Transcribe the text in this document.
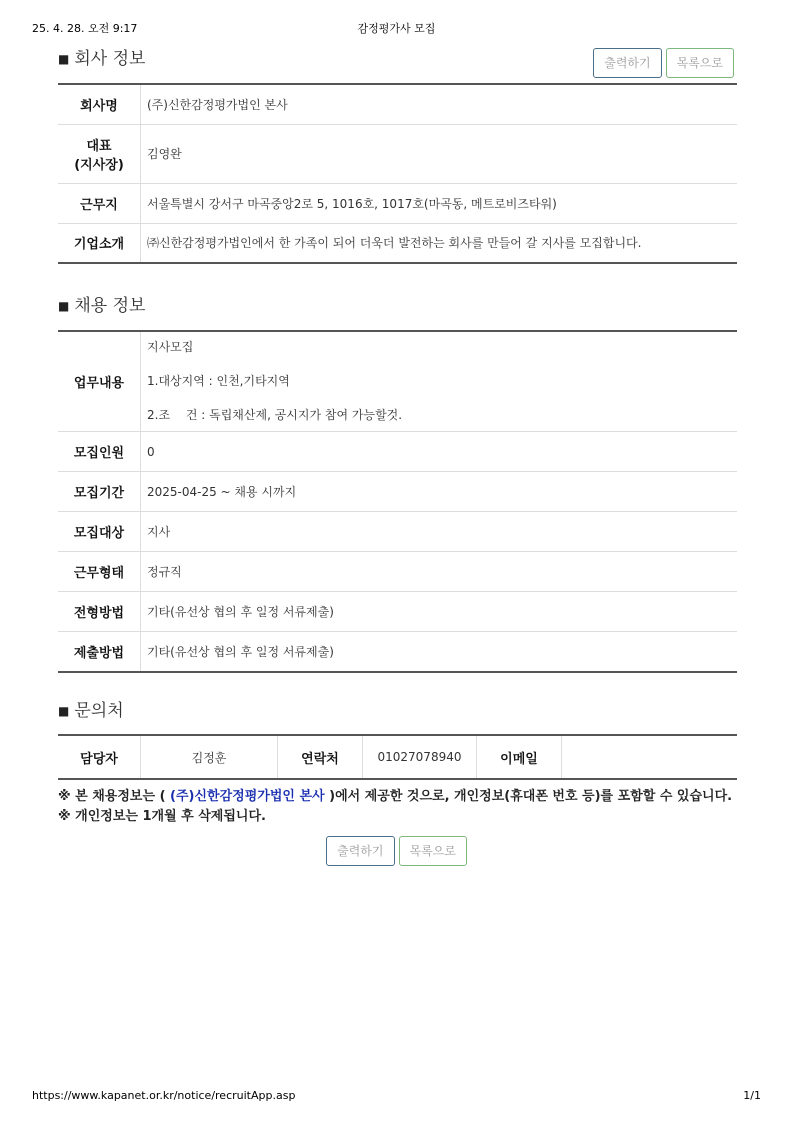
25. 4. 28. 오전 9:17	감정평가사 모집
■ 회사 정보	출력하기	목록으로
회사명	(주)신한감정평가법인 본사

대표
(지사장)	김영완
근무지	서울특별시 강서구 마곡중앙2로 5, 1016호, 1017호(마곡동, 메트로비즈타워)
기업소개	㈜신한감정평가법인에서 한 가족이 되어 더욱더 발전하는 회사를 만들어 갈 지사를 모집합니다.
■ 채용 정보
업무내용	지사모집
1.대상지역 : 인천,기타지역
2.조　 건 : 독립채산제, 공시지가 참여 가능할것.

모집인원	0
모집기간	2025-04-25 ~ 채용 시까지
모집대상	지사
근무형태	정규직
전형방법	기타(유선상 협의 후 일정 서류제출)
제출방법	기타(유선상 협의 후 일정 서류제출)
■ 문의처
담당자	김정훈	연락처	01027078940	이메일	
※ 본 채용정보는 ( (주)신한감정평가법인 본사 )에서 제공한 것으로, 개인정보(휴대폰 번호 등)를 포함할 수 있습니다.
※ 개인정보는 1개월 후 삭제됩니다.
출력하기	목록으로
https://www.kapanet.or.kr/notice/recruitApp.asp	1/1
